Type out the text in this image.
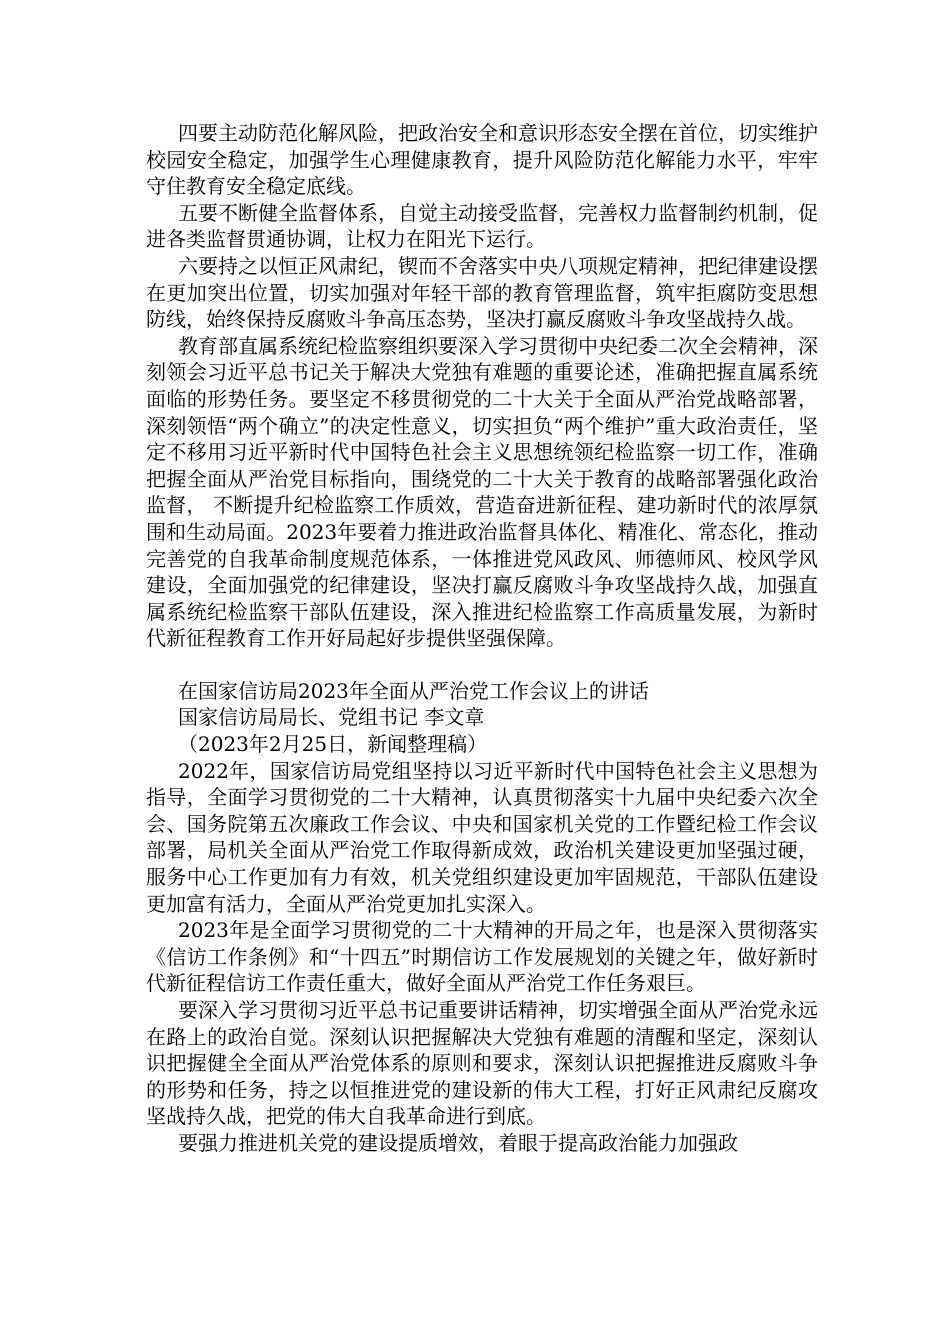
四要主动防范化解风险，把政治安全和意识形态安全摆在首位，切实维护校园安全稳定，加强学生心理健康教育，提升风险防范化解能力水平，牢牢守住教育安全稳定底线。

五要不断健全监督体系，自觉主动接受监督，完善权力监督制约机制，促进各类监督贯通协调，让权力在阳光下运行。

六要持之以恒正风肃纪，锲而不舍落实中央八项规定精神，把纪律建设摆在更加突出位置，切实加强对年轻干部的教育管理监督，筑牢拒腐防变思想防线，始终保持反腐败斗争高压态势，坚决打赢反腐败斗争攻坚战持久战。

教育部直属系统纪检监察组织要深入学习贯彻中央纪委二次全会精神，深刻领会习近平总书记关于解决大党独有难题的重要论述，准确把握直属系统面临的形势任务。要坚定不移贯彻党的二十大关于全面从严治党战略部署，深刻领悟“两个确立”的决定性意义，切实担负“两个维护”重大政治责任，坚定不移用习近平新时代中国特色社会主义思想统领纪检监察一切工作，准确把握全面从严治党目标指向，围绕党的二十大关于教育的战略部署强化政治监督， 不断提升纪检监察工作质效，营造奋进新征程、建功新时代的浓厚氛围和生动局面。2023年要着力推进政治监督具体化、精准化、常态化，推动完善党的自我革命制度规范体系，一体推进党风政风、师德师风、校风学风建设，全面加强党的纪律建设，坚决打赢反腐败斗争攻坚战持久战，加强直属系统纪检监察干部队伍建设，深入推进纪检监察工作高质量发展，为新时代新征程教育工作开好局起好步提供坚强保障。

在国家信访局2023年全面从严治党工作会议上的讲话

国家信访局局长、党组书记 李文章

（2023年2月25日，新闻整理稿）

2022年，国家信访局党组坚持以习近平新时代中国特色社会主义思想为指导，全面学习贯彻党的二十大精神，认真贯彻落实十九届中央纪委六次全会、国务院第五次廉政工作会议、中央和国家机关党的工作暨纪检工作会议部署，局机关全面从严治党工作取得新成效，政治机关建设更加坚强过硬，服务中心工作更加有力有效，机关党组织建设更加牢固规范，干部队伍建设更加富有活力，全面从严治党更加扎实深入。

2023年是全面学习贯彻党的二十大精神的开局之年，也是深入贯彻落实《信访工作条例》和“十四五”时期信访工作发展规划的关键之年，做好新时代新征程信访工作责任重大，做好全面从严治党工作任务艰巨。

要深入学习贯彻习近平总书记重要讲话精神，切实增强全面从严治党永远在路上的政治自觉。深刻认识把握解决大党独有难题的清醒和坚定，深刻认识把握健全全面从严治党体系的原则和要求，深刻认识把握推进反腐败斗争的形势和任务，持之以恒推进党的建设新的伟大工程，打好正风肃纪反腐攻坚战持久战，把党的伟大自我革命进行到底。

要强力推进机关党的建设提质增效，着眼于提高政治能力加强政
